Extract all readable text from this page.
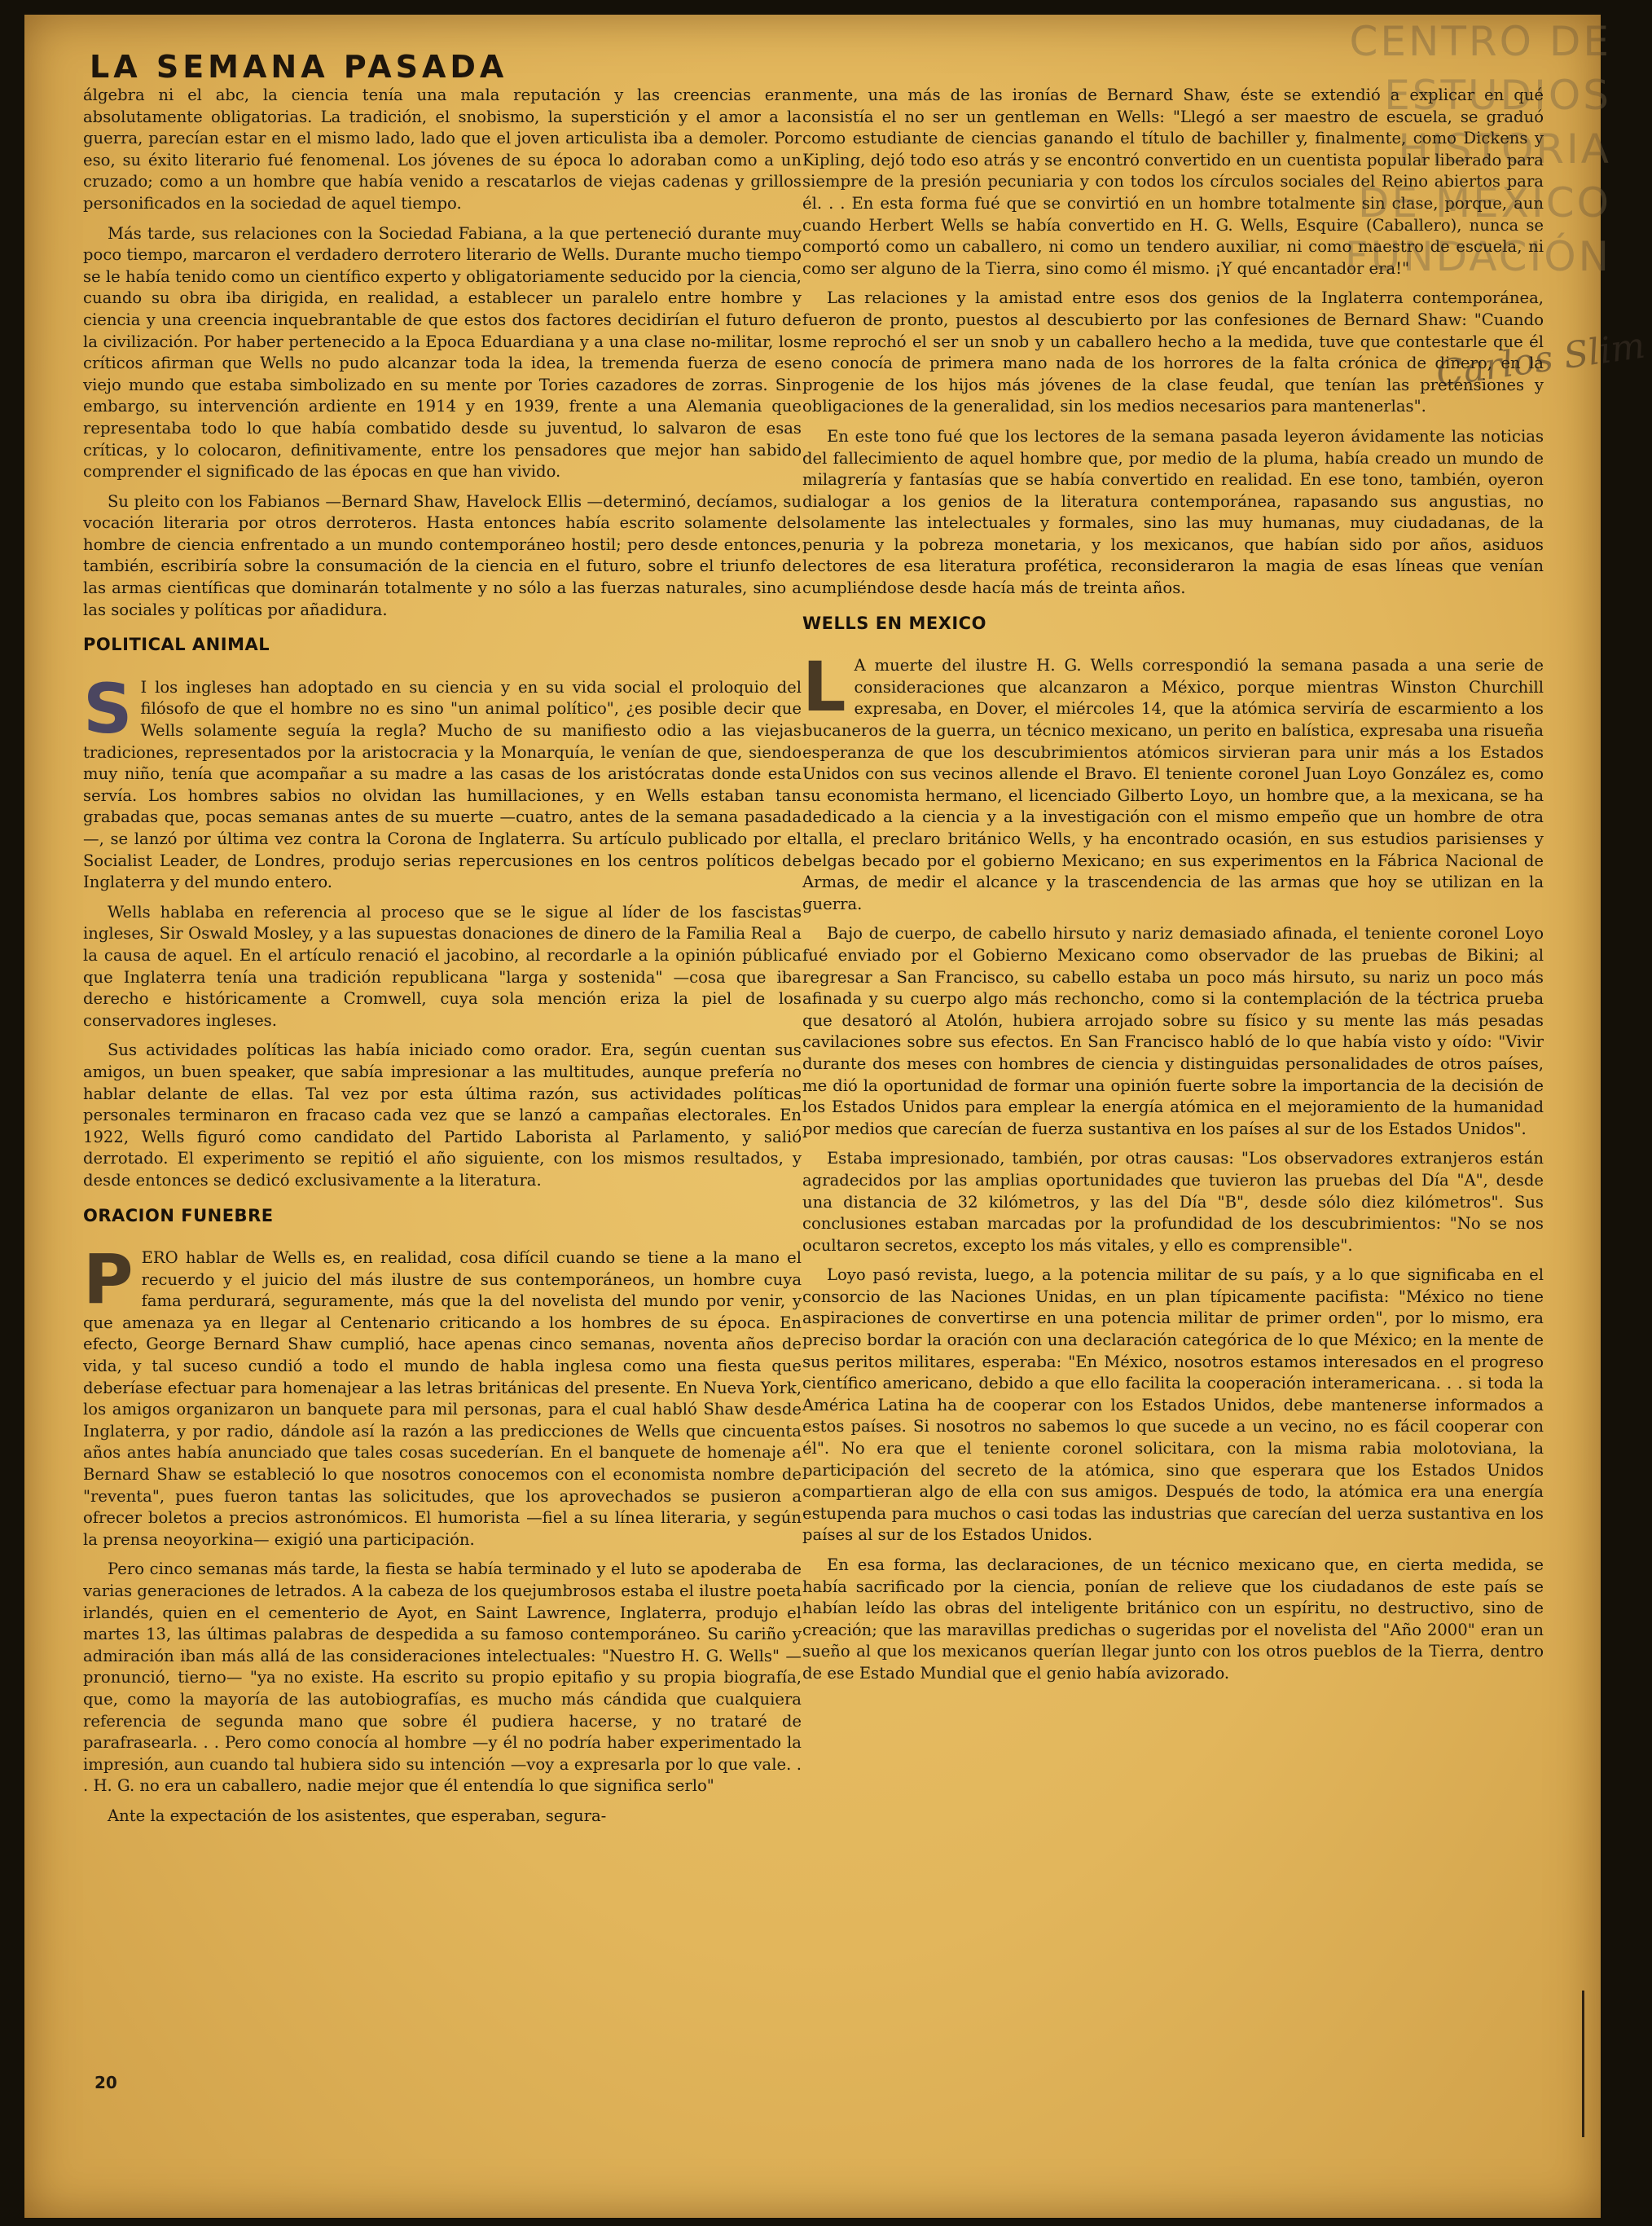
CENTRO DE
ESTUDIOS
HISTORIA
DE MEXICO
FUNDACIÓN
Carlos Slim
LA SEMANA PASADA

álgebra ni el abc, la ciencia tenía una mala reputación y las creencias eran absolutamente obligatorias. La tradición, el snobismo, la superstición y el amor a la guerra, parecían estar en el mismo lado, lado que el joven articulista iba a demoler. Por eso, su éxito literario fué fenomenal. Los jóvenes de su época lo adoraban como a un cruzado; como a un hombre que había venido a rescatarlos de viejas cadenas y grillos personificados en la sociedad de aquel tiempo.

Más tarde, sus relaciones con la Sociedad Fabiana, a la que perteneció durante muy poco tiempo, marcaron el verdadero derrotero literario de Wells. Durante mucho tiempo se le había tenido como un científico experto y obligatoriamente seducido por la ciencia, cuando su obra iba dirigida, en realidad, a establecer un paralelo entre hombre y ciencia y una creencia inquebrantable de que estos dos factores decidirían el futuro de la civilización. Por haber pertenecido a la Epoca Eduardiana y a una clase no-militar, los críticos afirman que Wells no pudo alcanzar toda la idea, la tremenda fuerza de ese viejo mundo que estaba simbolizado en su mente por Tories cazadores de zorras. Sin embargo, su intervención ardiente en 1914 y en 1939, frente a una Alemania que representaba todo lo que había combatido desde su juventud, lo salvaron de esas críticas, y lo colocaron, definitivamente, entre los pensadores que mejor han sabido comprender el significado de las épocas en que han vivido.

Su pleito con los Fabianos —Bernard Shaw, Havelock Ellis —determinó, decíamos, su vocación literaria por otros derroteros. Hasta entonces había escrito solamente del hombre de ciencia enfrentado a un mundo contemporáneo hostil; pero desde entonces, también, escribiría sobre la consumación de la ciencia en el futuro, sobre el triunfo de las armas científicas que dominarán totalmente y no sólo a las fuerzas naturales, sino a las sociales y políticas por añadidura.

POLITICAL ANIMAL

S I los ingleses han adoptado en su ciencia y en su vida social el proloquio del filósofo de que el hombre no es sino "un animal político", ¿es posible decir que Wells solamente seguía la regla? Mucho de su manifiesto odio a las viejas tradiciones, representados por la aristocracia y la Monarquía, le venían de que, siendo muy niño, tenía que acompañar a su madre a las casas de los aristócratas donde esta servía. Los hombres sabios no olvidan las humillaciones, y en Wells estaban tan grabadas que, pocas semanas antes de su muerte —cuatro, antes de la semana pasada—, se lanzó por última vez contra la Corona de Inglaterra. Su artículo publicado por el Socialist Leader, de Londres, produjo serias repercusiones en los centros políticos de Inglaterra y del mundo entero.

Wells hablaba en referencia al proceso que se le sigue al líder de los fascistas ingleses, Sir Oswald Mosley, y a las supuestas donaciones de dinero de la Familia Real a la causa de aquel. En el artículo renació el jacobino, al recordarle a la opinión pública que Inglaterra tenía una tradición republicana "larga y sostenida" —cosa que iba derecho e históricamente a Cromwell, cuya sola mención eriza la piel de los conservadores ingleses.

Sus actividades políticas las había iniciado como orador. Era, según cuentan sus amigos, un buen speaker, que sabía impresionar a las multitudes, aunque prefería no hablar delante de ellas. Tal vez por esta última razón, sus actividades políticas personales terminaron en fracaso cada vez que se lanzó a campañas electorales. En 1922, Wells figuró como candidato del Partido Laborista al Parlamento, y salió derrotado. El experimento se repitió el año siguiente, con los mismos resultados, y desde entonces se dedicó exclusivamente a la literatura.

ORACION FUNEBRE

PERO hablar de Wells es, en realidad, cosa difícil cuando se tiene a la mano el recuerdo y el juicio del más ilustre de sus contemporáneos, un hombre cuya fama perdurará, seguramente, más que la del novelista del mundo por venir, y que amenaza ya en llegar al Centenario criticando a los hombres de su época. En efecto, George Bernard Shaw cumplió, hace apenas cinco semanas, noventa años de vida, y tal suceso cundió a todo el mundo de habla inglesa como una fiesta que deberíase efectuar para homenajear a las letras británicas del presente. En Nueva York, los amigos organizaron un banquete para mil personas, para el cual habló Shaw desde Inglaterra, y por radio, dándole así la razón a las predicciones de Wells que cincuenta años antes había anunciado que tales cosas sucederían. En el banquete de homenaje a Bernard Shaw se estableció lo que nosotros conocemos con el economista nombre de "reventa", pues fueron tantas las solicitudes, que los aprovechados se pusieron a ofrecer boletos a precios astronómicos. El humorista —fiel a su línea literaria, y según la prensa neoyorkina— exigió una participación.

Pero cinco semanas más tarde, la fiesta se había terminado y el luto se apoderaba de varias generaciones de letrados. A la cabeza de los quejumbrosos estaba el ilustre poeta irlandés, quien en el cementerio de Ayot, en Saint Lawrence, Inglaterra, produjo el martes 13, las últimas palabras de despedida a su famoso contemporáneo. Su cariño y admiración iban más allá de las consideraciones intelectuales: "Nuestro H. G. Wells" —pronunció, tierno— "ya no existe. Ha escrito su propio epitafio y su propia biografía, que, como la mayoría de las autobiografías, es mucho más cándida que cualquiera referencia de segunda mano que sobre él pudiera hacerse, y no trataré de parafrasearla. . . Pero como conocía al hombre —y él no podría haber experimentado la impresión, aun cuando tal hubiera sido su intención —voy a expresarla por lo que vale. . . H. G. no era un caballero, nadie mejor que él entendía lo que significa serlo"

Ante la expectación de los asistentes, que esperaban, segura-

mente, una más de las ironías de Bernard Shaw, éste se extendió a explicar en qué consistía el no ser un gentleman en Wells: "Llegó a ser maestro de escuela, se graduó como estudiante de ciencias ganando el título de bachiller y, finalmente, como Dickens y Kipling, dejó todo eso atrás y se encontró convertido en un cuentista popular liberado para siempre de la presión pecuniaria y con todos los círculos sociales del Reino abiertos para él. . . En esta forma fué que se convirtió en un hombre totalmente sin clase, porque, aun cuando Herbert Wells se había convertido en H. G. Wells, Esquire (Caballero), nunca se comportó como un caballero, ni como un tendero auxiliar, ni como maestro de escuela, ni como ser alguno de la Tierra, sino como él mismo. ¡Y qué encantador era!"

Las relaciones y la amistad entre esos dos genios de la Inglaterra contemporánea, fueron de pronto, puestos al descubierto por las confesiones de Bernard Shaw: "Cuando me reprochó el ser un snob y un caballero hecho a la medida, tuve que contestarle que él no conocía de primera mano nada de los horrores de la falta crónica de dinero, en la progenie de los hijos más jóvenes de la clase feudal, que tenían las pretensiones y obligaciones de la generalidad, sin los medios necesarios para mantenerlas".

En este tono fué que los lectores de la semana pasada leyeron ávidamente las noticias del fallecimiento de aquel hombre que, por medio de la pluma, había creado un mundo de milagrería y fantasías que se había convertido en realidad. En ese tono, también, oyeron dialogar a los genios de la literatura contemporánea, rapasando sus angustias, no solamente las intelectuales y formales, sino las muy humanas, muy ciudadanas, de la penuria y la pobreza monetaria, y los mexicanos, que habían sido por años, asiduos lectores de esa literatura profética, reconsideraron la magia de esas líneas que venían cumpliéndose desde hacía más de treinta años.

WELLS EN MEXICO

L A muerte del ilustre H. G. Wells correspondió la semana pasada a una serie de consideraciones que alcanzaron a México, porque mientras Winston Churchill expresaba, en Dover, el miércoles 14, que la atómica serviría de escarmiento a los bucaneros de la guerra, un técnico mexicano, un perito en balística, expresaba una risueña esperanza de que los descubrimientos atómicos sirvieran para unir más a los Estados Unidos con sus vecinos allende el Bravo. El teniente coronel Juan Loyo González es, como su economista hermano, el licenciado Gilberto Loyo, un hombre que, a la mexicana, se ha dedicado a la ciencia y a la investigación con el mismo empeño que un hombre de otra talla, el preclaro británico Wells, y ha encontrado ocasión, en sus estudios parisienses y belgas becado por el gobierno Mexicano; en sus experimentos en la Fábrica Nacional de Armas, de medir el alcance y la trascendencia de las armas que hoy se utilizan en la guerra.

Bajo de cuerpo, de cabello hirsuto y nariz demasiado afinada, el teniente coronel Loyo fué enviado por el Gobierno Mexicano como observador de las pruebas de Bikini; al regresar a San Francisco, su cabello estaba un poco más hirsuto, su nariz un poco más afinada y su cuerpo algo más rechoncho, como si la contemplación de la téctrica prueba que desatoró al Atolón, hubiera arrojado sobre su físico y su mente las más pesadas cavilaciones sobre sus efectos. En San Francisco habló de lo que había visto y oído: "Vivir durante dos meses con hombres de ciencia y distinguidas personalidades de otros países, me dió la oportunidad de formar una opinión fuerte sobre la importancia de la decisión de los Estados Unidos para emplear la energía atómica en el mejoramiento de la humanidad por medios que carecían de fuerza sustantiva en los países al sur de los Estados Unidos".

Estaba impresionado, también, por otras causas: "Los observadores extranjeros están agradecidos por las amplias oportunidades que tuvieron las pruebas del Día "A", desde una distancia de 32 kilómetros, y las del Día "B", desde sólo diez kilómetros". Sus conclusiones estaban marcadas por la profundidad de los descubrimientos: "No se nos ocultaron secretos, excepto los más vitales, y ello es comprensible".

Loyo pasó revista, luego, a la potencia militar de su país, y a lo que significaba en el consorcio de las Naciones Unidas, en un plan típicamente pacifista: "México no tiene aspiraciones de convertirse en una potencia militar de primer orden", por lo mismo, era preciso bordar la oración con una declaración categórica de lo que México; en la mente de sus peritos militares, esperaba: "En México, nosotros estamos interesados en el progreso científico americano, debido a que ello facilita la cooperación interamericana. . . si toda la América Latina ha de cooperar con los Estados Unidos, debe mantenerse informados a estos países. Si nosotros no sabemos lo que sucede a un vecino, no es fácil cooperar con él". No era que el teniente coronel solicitara, con la misma rabia molotoviana, la participación del secreto de la atómica, sino que esperara que los Estados Unidos compartieran algo de ella con sus amigos. Después de todo, la atómica era una energía estupenda para muchos o casi todas las industrias que carecían del uerza sustantiva en los países al sur de los Estados Unidos.

En esa forma, las declaraciones, de un técnico mexicano que, en cierta medida, se había sacrificado por la ciencia, ponían de relieve que los ciudadanos de este país se habían leído las obras del inteligente británico con un espíritu, no destructivo, sino de creación; que las maravillas predichas o sugeridas por el novelista del "Año 2000" eran un sueño al que los mexicanos querían llegar junto con los otros pueblos de la Tierra, dentro de ese Estado Mundial que el genio había avizorado.

20
